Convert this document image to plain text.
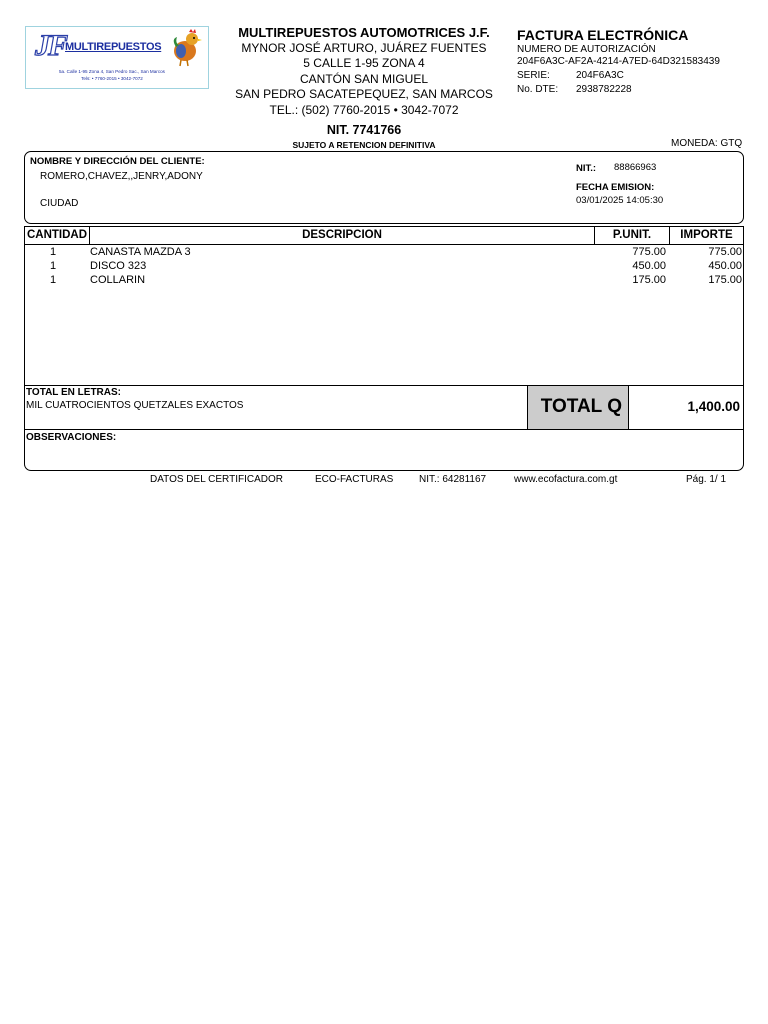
JF
MULTIREPUESTOS
5a. Calle 1-95 Zona 4, San Pedro Sac., San Marcos
Tels: • 7760-2015 • 3042-7072
MULTIREPUESTOS AUTOMOTRICES J.F.
MYNOR JOSÉ ARTURO, JUÁREZ FUENTES
5 CALLE 1-95 ZONA 4
CANTÓN SAN MIGUEL
SAN PEDRO SACATEPEQUEZ, SAN MARCOS
TEL.: (502) 7760-2015 • 3042-7072
FACTURA ELECTRÓNICA
NUMERO DE AUTORIZACIÓN
204F6A3C-AF2A-4214-A7ED-64D321583439
SERIE:	204F6A3C
No. DTE: 2938782228
NIT. 7741766
SUJETO A RETENCION DEFINITIVA	MONEDA: GTQ
NOMBRE Y DIRECCIÓN DEL CLIENTE:
ROMERO,CHAVEZ,,JENRY,ADONY
CIUDAD
NIT.: 88866963
FECHA EMISION:
03/01/2025 14:05:30
CANTIDAD	DESCRIPCION	P.UNIT.	IMPORTE
1	CANASTA MAZDA 3	775.00	775.00
1	DISCO 323	450.00	450.00
1	COLLARIN	175.00	175.00
TOTAL EN LETRAS:
MIL CUATROCIENTOS QUETZALES EXACTOS	TOTAL Q	1,400.00
OBSERVACIONES:
DATOS DEL CERTIFICADOR	ECO-FACTURAS	NIT.: 64281167	www.ecofactura.com.gt	Pág. 1/ 1
